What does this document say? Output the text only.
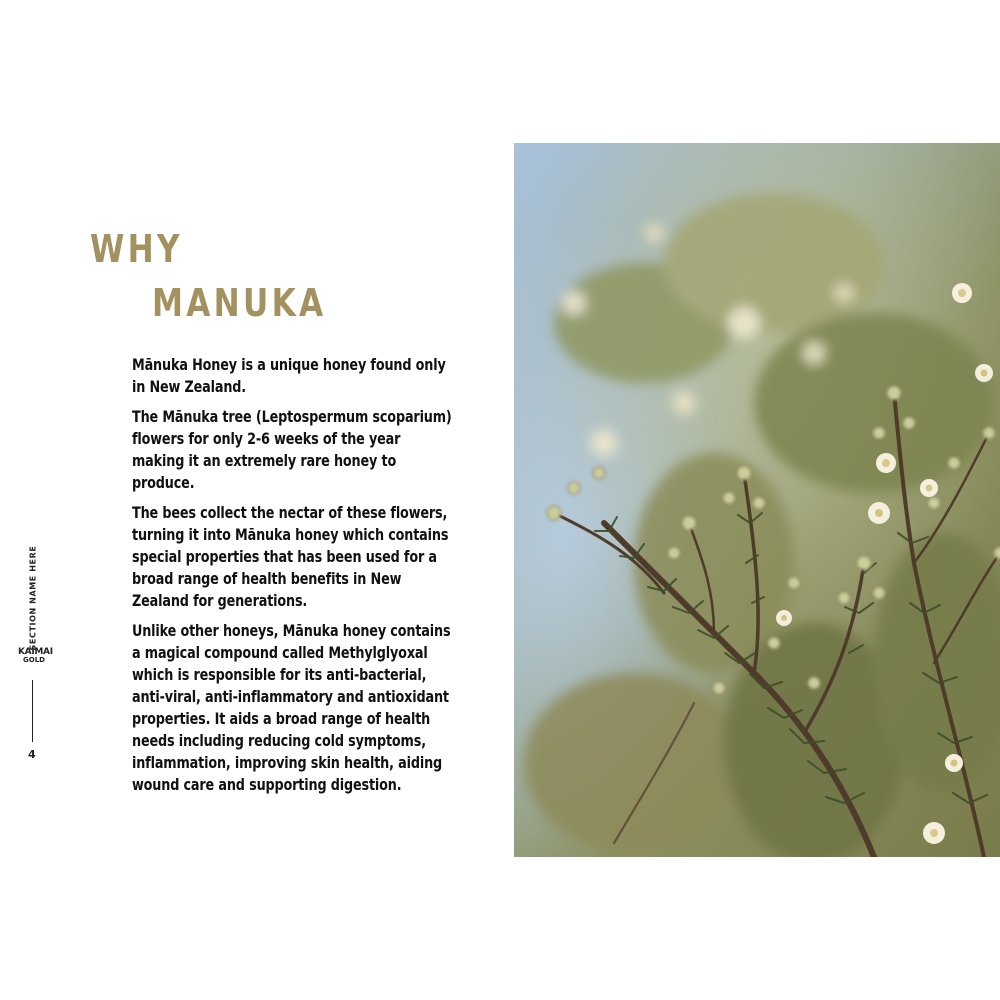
WHY
MANUKA

Mānuka Honey is a unique honey found only in New Zealand.

The Mānuka tree (Leptospermum scoparium) flowers for only 2-6 weeks of the year making it an extremely rare honey to produce.

The bees collect the nectar of these flowers, turning it into Mānuka honey which contains special properties that has been used for a broad range of health benefits in New Zealand for generations.

Unlike other honeys, Mānuka honey contains a magical compound called Methylglyoxal which is responsible for its anti-bacterial, anti-viral, anti-inflammatory and antioxidant properties. It aids a broad range of health needs including reducing cold symptoms, inflammation, improving skin health, aiding wound care and supporting digestion.

SECTION NAME HERE
KAIMAI
GOLD
4
